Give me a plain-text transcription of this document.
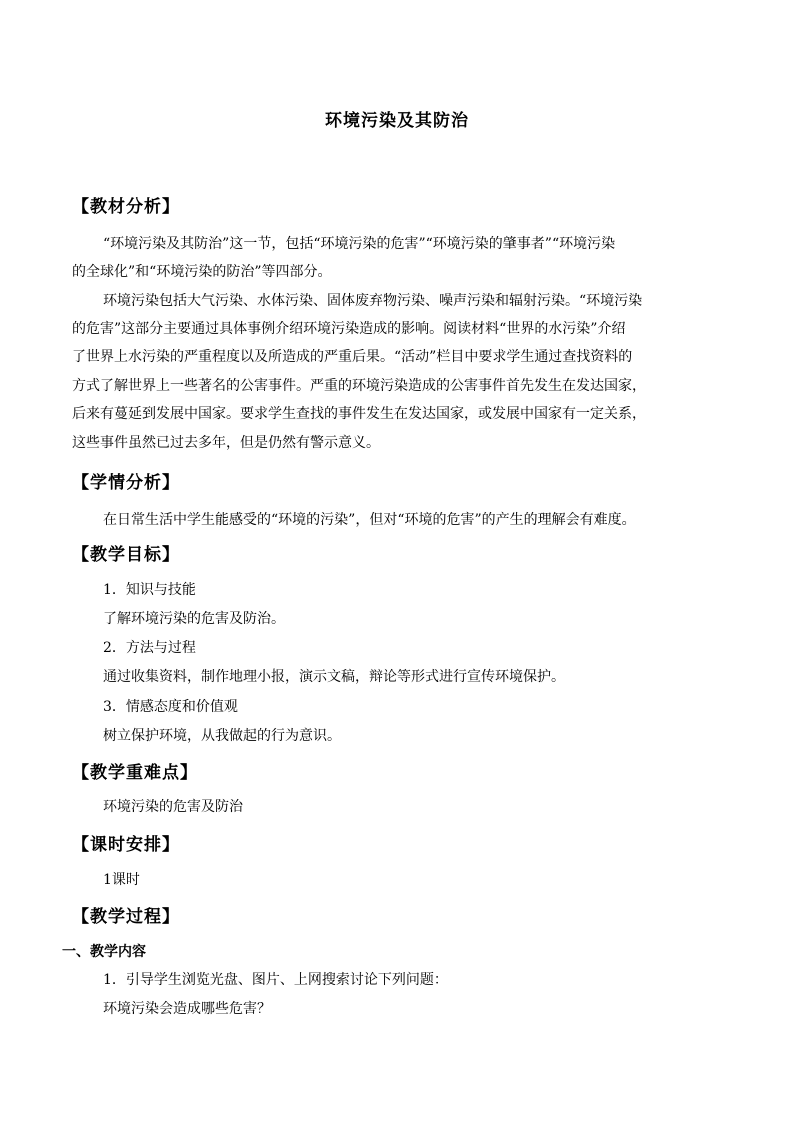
环境污染及其防治
【教材分析】
“环境污染及其防治”这一节，包括“环境污染的危害”“环境污染的肇事者”“环境污染
的全球化”和“环境污染的防治”等四部分。
环境污染包括大气污染、水体污染、固体废弃物污染、噪声污染和辐射污染。“环境污染
的危害”这部分主要通过具体事例介绍环境污染造成的影响。阅读材料“世界的水污染”介绍
了世界上水污染的严重程度以及所造成的严重后果。“活动”栏目中要求学生通过查找资料的
方式了解世界上一些著名的公害事件。严重的环境污染造成的公害事件首先发生在发达国家，
后来有蔓延到发展中国家。要求学生查找的事件发生在发达国家，或发展中国家有一定关系，
这些事件虽然已过去多年，但是仍然有警示意义。
【学情分析】
在日常生活中学生能感受的“环境的污染”，但对“环境的危害”的产生的理解会有难度。
【教学目标】
1．知识与技能
了解环境污染的危害及防治。
2．方法与过程
通过收集资料，制作地理小报，演示文稿，辩论等形式进行宣传环境保护。
3．情感态度和价值观
树立保护环境，从我做起的行为意识。
【教学重难点】
环境污染的危害及防治
【课时安排】
1课时
【教学过程】
一、教学内容
1．引导学生浏览光盘、图片、上网搜索讨论下列问题：
环境污染会造成哪些危害？
